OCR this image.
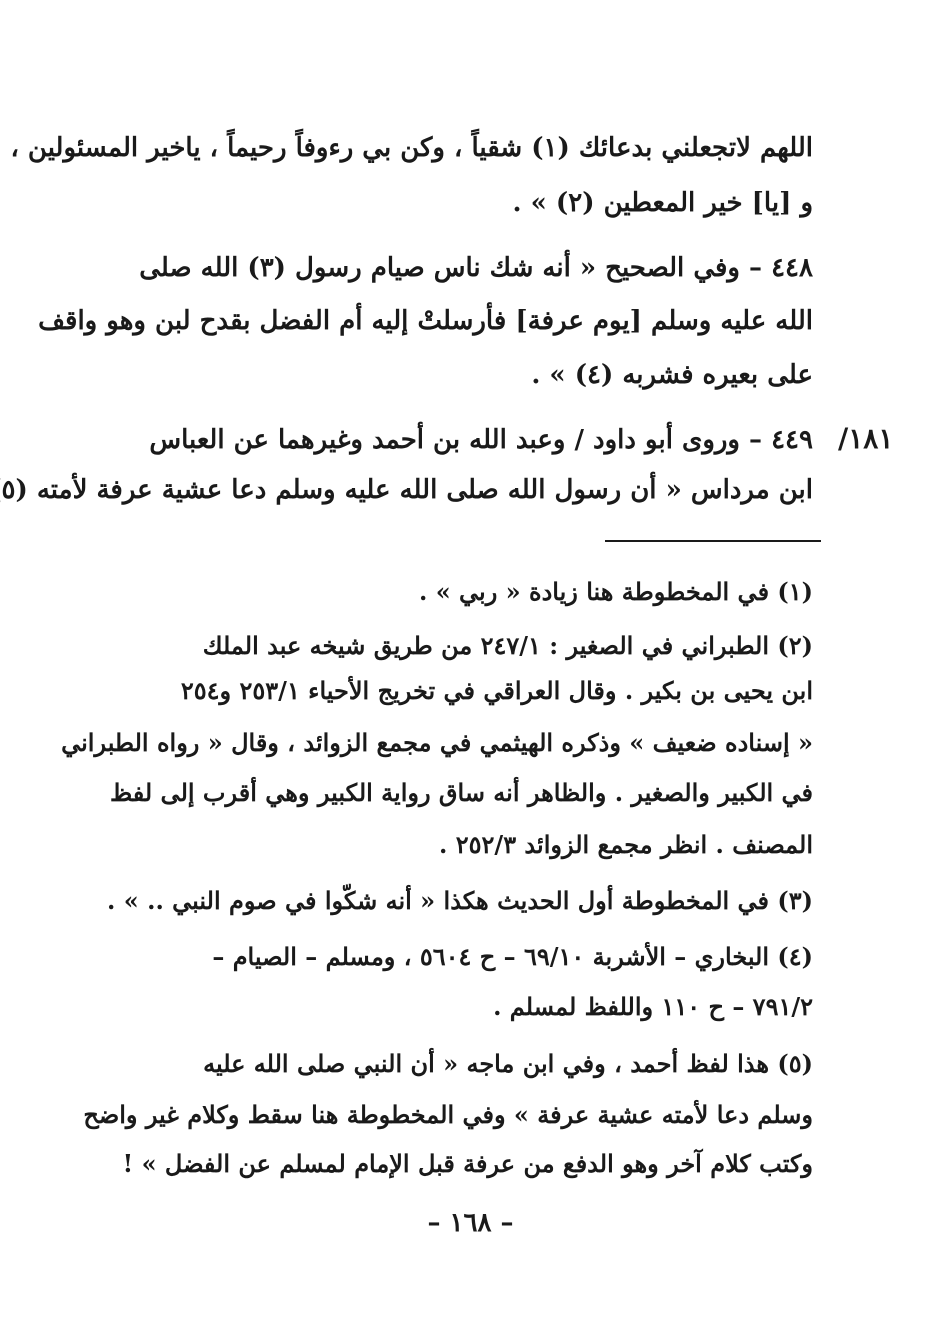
اللهم لاتجعلني بدعائك (١) شقياً ، وكن بي رءوفاً رحيماً ، ياخير المسئولين ،
و [يا] خير المعطين (٢) » .
٤٤٨ – وفي الصحيح « أنه شك ناس صيام رسول (٣) الله صلى
الله عليه وسلم [يوم عرفة] فأرسلتْ إليه أم الفضل بقدح لبن وهو واقف
على بعيره فشربه (٤) » .
٤٤٩ – وروى أبو داود / وعبد الله بن أحمد وغيرهما عن العباس
ابن مرداس « أن رسول الله صلى الله عليه وسلم دعا عشية عرفة لأمته (٥
١٨١/
(١) في المخطوطة هنا زيادة « ربي » .
(٢) الطبراني في الصغير : ٢٤٧/١ من طريق شيخه عبد الملك
ابن يحيى بن بكير . وقال العراقي في تخريج الأحياء ٢٥٣/١ و٢٥٤
« إسناده ضعيف » وذكره الهيثمي في مجمع الزوائد ، وقال « رواه الطبراني
في الكبير والصغير . والظاهر أنه ساق رواية الكبير وهي أقرب إلى لفظ
المصنف . انظر مجمع الزوائد ٢٥٢/٣ .
(٣) في المخطوطة أول الحديث هكذا « أنه شكّوا في صوم النبي .. » .
(٤) البخاري – الأشربة ٦٩/١٠ – ح ٥٦٠٤ ، ومسلم – الصيام –
٧٩١/٢ – ح ١١٠ واللفظ لمسلم .
(٥) هذا لفظ أحمد ، وفي ابن ماجه « أن النبي صلى الله عليه
وسلم دعا لأمته عشية عرفة » وفي المخطوطة هنا سقط وكلام غير واضح
وكتب كلام آخر وهو الدفع من عرفة قبل الإمام لمسلم عن الفضل » !
– ١٦٨ –
